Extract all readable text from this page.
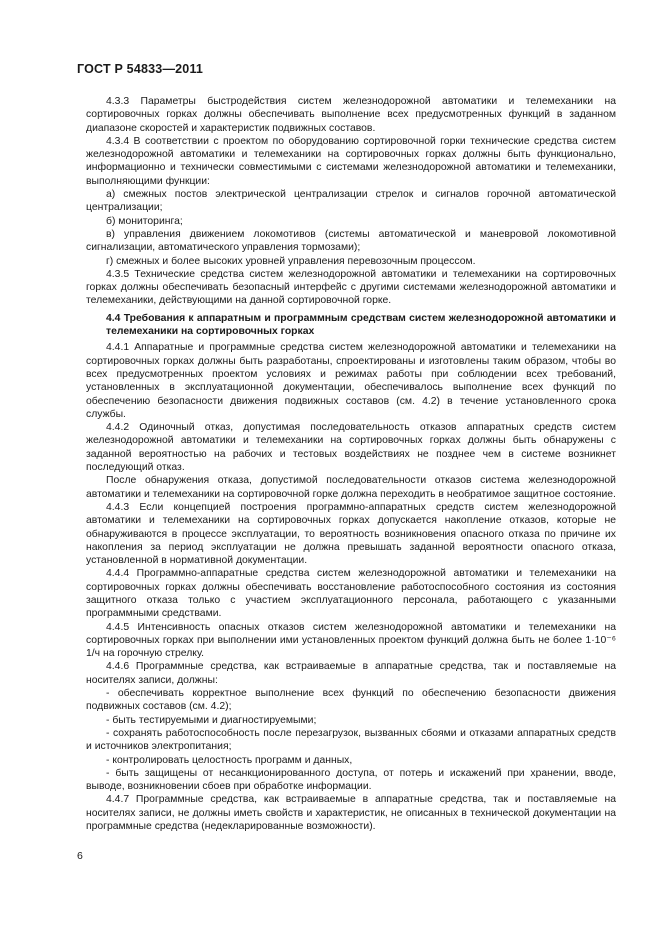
ГОСТ Р 54833—2011

4.3.3 Параметры быстродействия систем железнодорожной автоматики и телемеханики на сортировочных горках должны обеспечивать выполнение всех предусмотренных функций в заданном диапазоне скоростей и характеристик подвижных составов.

4.3.4 В соответствии с проектом по оборудованию сортировочной горки технические средства систем железнодорожной автоматики и телемеханики на сортировочных горках должны быть функционально, информационно и технически совместимыми с системами железнодорожной автоматики и телемеханики, выполняющими функции:

а) смежных постов электрической централизации стрелок и сигналов горочной автоматической централизации;

б) мониторинга;

в) управления движением локомотивов (системы автоматической и маневровой локомотивной сигнализации, автоматического управления тормозами);

г) смежных и более высоких уровней управления перевозочным процессом.

4.3.5 Технические средства систем железнодорожной автоматики и телемеханики на сортировочных горках должны обеспечивать безопасный интерфейс с другими системами железнодорожной автоматики и телемеханики, действующими на данной сортировочной горке.

4.4 Требования к аппаратным и программным средствам систем железнодорожной автоматики и телемеханики на сортировочных горках

4.4.1 Аппаратные и программные средства систем железнодорожной автоматики и телемеханики на сортировочных горках должны быть разработаны, спроектированы и изготовлены таким образом, чтобы во всех предусмотренных проектом условиях и режимах работы при соблюдении всех требований, установленных в эксплуатационной документации, обеспечивалось выполнение всех функций по обеспечению безопасности движения подвижных составов (см. 4.2) в течение установленного срока службы.

4.4.2 Одиночный отказ, допустимая последовательность отказов аппаратных средств систем железнодорожной автоматики и телемеханики на сортировочных горках должны быть обнаружены с заданной вероятностью на рабочих и тестовых воздействиях не позднее чем в системе возникнет последующий отказ.

После обнаружения отказа, допустимой последовательности отказов система железнодорожной автоматики и телемеханики на сортировочной горке должна переходить в необратимое защитное состояние.

4.4.3 Если концепцией построения программно-аппаратных средств систем железнодорожной автоматики и телемеханики на сортировочных горках допускается накопление отказов, которые не обнаруживаются в процессе эксплуатации, то вероятность возникновения опасного отказа по причине их накопления за период эксплуатации не должна превышать заданной вероятности опасного отказа, установленной в нормативной документации.

4.4.4 Программно-аппаратные средства систем железнодорожной автоматики и телемеханики на сортировочных горках должны обеспечивать восстановление работоспособного состояния из состояния защитного отказа только с участием эксплуатационного персонала, работающего с указанными программными средствами.

4.4.5 Интенсивность опасных отказов систем железнодорожной автоматики и телемеханики на сортировочных горках при выполнении ими установленных проектом функций должна быть не более 1·10⁻⁶ 1/ч на горочную стрелку.

4.4.6 Программные средства, как встраиваемые в аппаратные средства, так и поставляемые на носителях записи, должны:

- обеспечивать корректное выполнение всех функций по обеспечению безопасности движения подвижных составов (см. 4.2);

- быть тестируемыми и диагностируемыми;

- сохранять работоспособность после перезагрузок, вызванных сбоями и отказами аппаратных средств и источников электропитания;

- контролировать целостность программ и данных,

- быть защищены от несанкционированного доступа, от потерь и искажений при хранении, вводе, выводе, возникновении сбоев при обработке информации.

4.4.7 Программные средства, как встраиваемые в аппаратные средства, так и поставляемые на носителях записи, не должны иметь свойств и характеристик, не описанных в технической документации на программные средства (недекларированные возможности).

6
